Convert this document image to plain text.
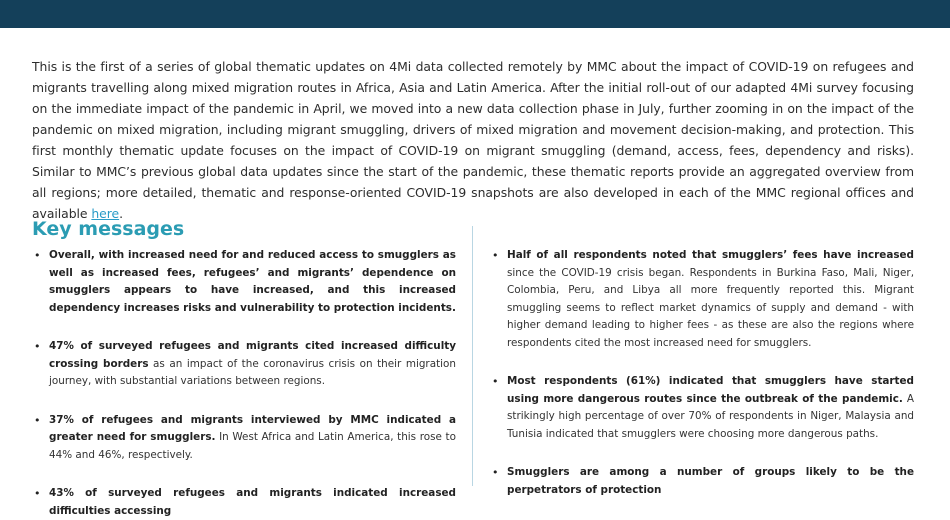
This is the first of a series of global thematic updates on 4Mi data collected remotely by MMC about the impact of COVID-19 on refugees and migrants travelling along mixed migration routes in Africa, Asia and Latin America. After the initial roll-out of our adapted 4Mi survey focusing on the immediate impact of the pandemic in April, we moved into a new data collection phase in July, further zooming in on the impact of the pandemic on mixed migration, including migrant smuggling, drivers of mixed migration and movement decision-making, and protection. This first monthly thematic update focuses on the impact of COVID-19 on migrant smuggling (demand, access, fees, dependency and risks). Similar to MMC’s previous global data updates since the start of the pandemic, these thematic reports provide an aggregated overview from all regions; more detailed, thematic and response-oriented COVID-19 snapshots are also developed in each of the MMC regional offices and available here.

Key messages
• Overall, with increased need for and reduced access to smugglers as well as increased fees, refugees’ and migrants’ dependence on smugglers appears to have increased, and this increased dependency increases risks and vulnerability to protection incidents.
• 47% of surveyed refugees and migrants cited increased difficulty crossing borders as an impact of the coronavirus crisis on their migration journey, with substantial variations between regions.
• 37% of refugees and migrants interviewed by MMC indicated a greater need for smugglers. In West Africa and Latin America, this rose to 44% and 46%, respectively.
• 43% of surveyed refugees and migrants indicated increased difficulties accessing
• Half of all respondents noted that smugglers’ fees have increased since the COVID-19 crisis began. Respondents in Burkina Faso, Mali, Niger, Colombia, Peru, and Libya all more frequently reported this. Migrant smuggling seems to reflect market dynamics of supply and demand - with higher demand leading to higher fees - as these are also the regions where respondents cited the most increased need for smugglers.
• Most respondents (61%) indicated that smugglers have started using more dangerous routes since the outbreak of the pandemic. A strikingly high percentage of over 70% of respondents in Niger, Malaysia and Tunisia indicated that smugglers were choosing more dangerous paths.
• Smugglers are among a number of groups likely to be the perpetrators of protection
